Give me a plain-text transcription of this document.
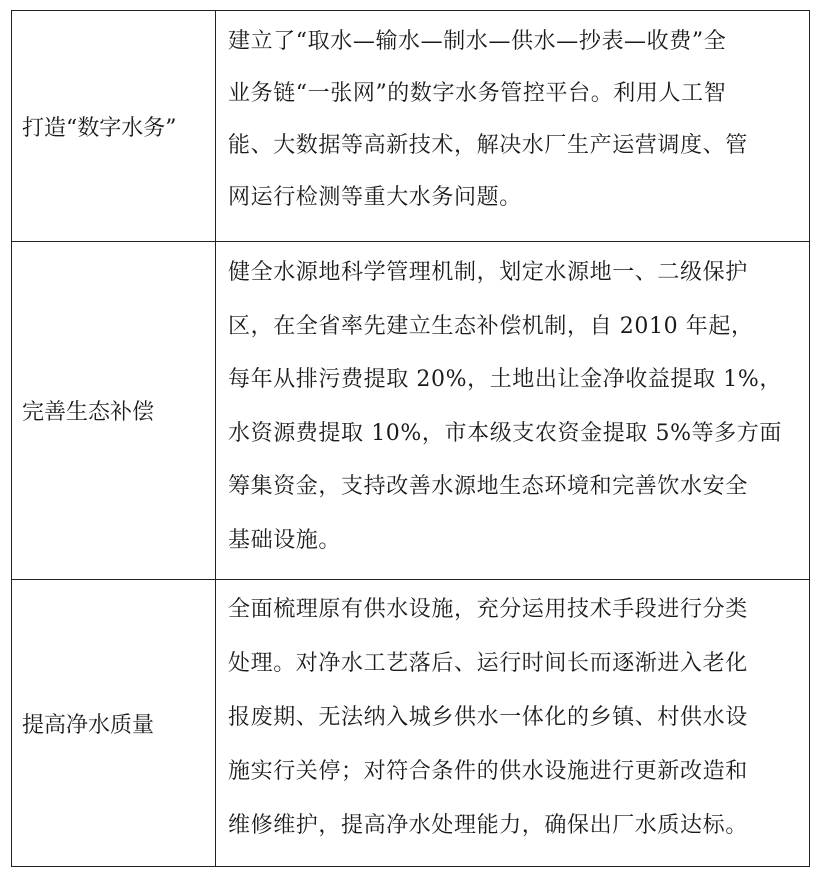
打造“数字水务”
建立了“取水—输水—制水—供水—抄表—收费”全
业务链“一张网”的数字水务管控平台。利用人工智
能、大数据等高新技术，解决水厂生产运营调度、管
网运行检测等重大水务问题。
完善生态补偿
健全水源地科学管理机制，划定水源地一、二级保护
区，在全省率先建立生态补偿机制，自 2010 年起，
每年从排污费提取 20%，土地出让金净收益提取 1%，
水资源费提取 10%，市本级支农资金提取 5%等多方面
筹集资金，支持改善水源地生态环境和完善饮水安全
基础设施。
提高净水质量
全面梳理原有供水设施，充分运用技术手段进行分类
处理。对净水工艺落后、运行时间长而逐渐进入老化
报废期、无法纳入城乡供水一体化的乡镇、村供水设
施实行关停；对符合条件的供水设施进行更新改造和
维修维护，提高净水处理能力，确保出厂水质达标。
